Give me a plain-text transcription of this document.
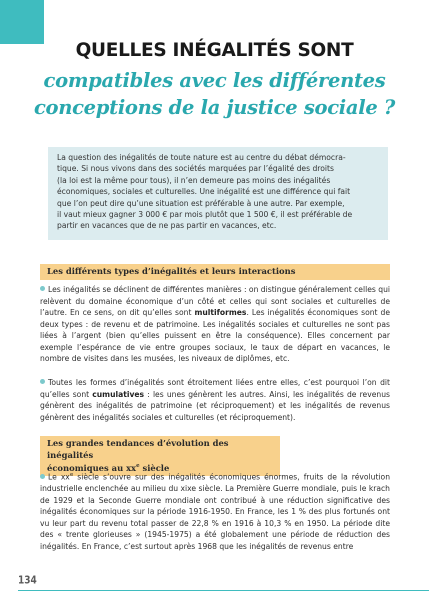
QUELLES INÉGALITÉS SONT
compatibles avec les différentes
conceptions de la justice sociale ?
La question des inégalités de toute nature est au centre du débat démocra-
tique. Si nous vivons dans des sociétés marquées par l’égalité des droits
(la loi est la même pour tous), il n’en demeure pas moins des inégalités
économiques, sociales et culturelles. Une inégalité est une différence qui fait
que l’on peut dire qu’une situation est préférable à une autre. Par exemple,
il vaut mieux gagner 3 000 € par mois plutôt que 1 500 €, il est préférable de
partir en vacances que de ne pas partir en vacances, etc.
Les différents types d’inégalités et leurs interactions
Les inégalités se déclinent de différentes manières : on distingue généralement celles qui relèvent du domaine économique d’un côté et celles qui sont sociales et culturelles de l’autre. En ce sens, on dit qu’elles sont multiformes. Les inégalités économiques sont de deux types : de revenu et de patrimoine. Les inégalités sociales et culturelles ne sont pas liées à l’argent (bien qu’elles puissent en être la conséquence). Elles concernent par exemple l’espérance de vie entre groupes sociaux, le taux de départ en vacances, le nombre de visites dans les musées, les niveaux de diplômes, etc.
Toutes les formes d’inégalités sont étroitement liées entre elles, c’est pourquoi l’on dit qu’elles sont cumulatives : les unes génèrent les autres. Ainsi, les inégalités de revenus génèrent des inégalités de patrimoine (et réciproquement) et les inégalités de revenus génèrent des inégalités sociales et culturelles (et réciproquement).
Les grandes tendances d’évolution des inégalités
économiques au $xx^e$ siècle
Le $xx^e$ siècle s’ouvre sur des inégalités économiques énormes, fruits de la révolution industrielle enclenchée au milieu du xixe siècle. La Première Guerre mondiale, puis le krach de 1929 et la Seconde Guerre mondiale ont contribué à une réduction significative des inégalités économiques sur la période 1916-1950. En France, les 1 % des plus fortunés ont vu leur part du revenu total passer de 22,8 % en 1916 à 10,3 % en 1950. La période dite des « trente glorieuses » (1945-1975) a été globalement une période de réduction des inégalités. En France, c’est surtout après 1968 que les inégalités de revenus entre
134
